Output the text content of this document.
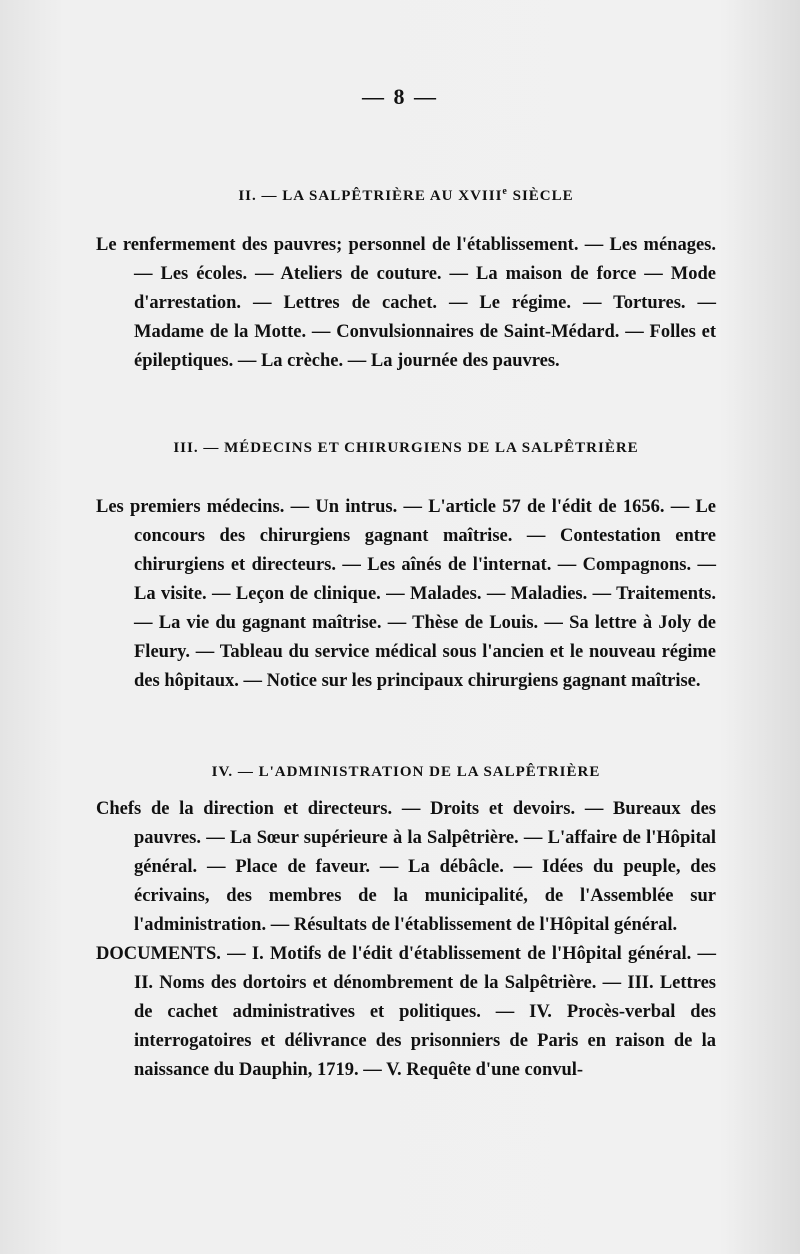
— 8 —
II. — LA SALPÊTRIÈRE AU XVIIIe SIÈCLE

Le renfermement des pauvres; personnel de l'établissement. — Les ménages. — Les écoles. — Ateliers de couture. — La maison de force — Mode d'arrestation. — Lettres de cachet. — Le régime. — Tortures. — Madame de la Motte. — Convulsionnaires de Saint-Médard. — Folles et épileptiques. — La crèche. — La journée des pauvres.

III. — MÉDECINS ET CHIRURGIENS DE LA SALPÊTRIÈRE

Les premiers médecins. — Un intrus. — L'article 57 de l'édit de 1656. — Le concours des chirurgiens gagnant maîtrise. — Contestation entre chirurgiens et directeurs. — Les aînés de l'internat. — Compagnons. — La visite. — Leçon de clinique. — Malades. — Maladies. — Traitements. — La vie du gagnant maîtrise. — Thèse de Louis. — Sa lettre à Joly de Fleury. — Tableau du service médical sous l'ancien et le nouveau régime des hôpitaux. — Notice sur les principaux chirurgiens gagnant maîtrise.

IV. — L'ADMINISTRATION DE LA SALPÊTRIÈRE

Chefs de la direction et directeurs. — Droits et devoirs. — Bureaux des pauvres. — La Sœur supérieure à la Salpêtrière. — L'affaire de l'Hôpital général. — Place de faveur. — La débâcle. — Idées du peuple, des écrivains, des membres de la municipalité, de l'Assemblée sur l'administration. — Résultats de l'établissement de l'Hôpital général.

DOCUMENTS. — I. Motifs de l'édit d'établissement de l'Hôpital général. — II. Noms des dortoirs et dénombrement de la Salpêtrière. — III. Lettres de cachet administratives et politiques. — IV. Procès-verbal des interrogatoires et délivrance des prisonniers de Paris en raison de la naissance du Dauphin, 1719. — V. Requête d'une convul-
